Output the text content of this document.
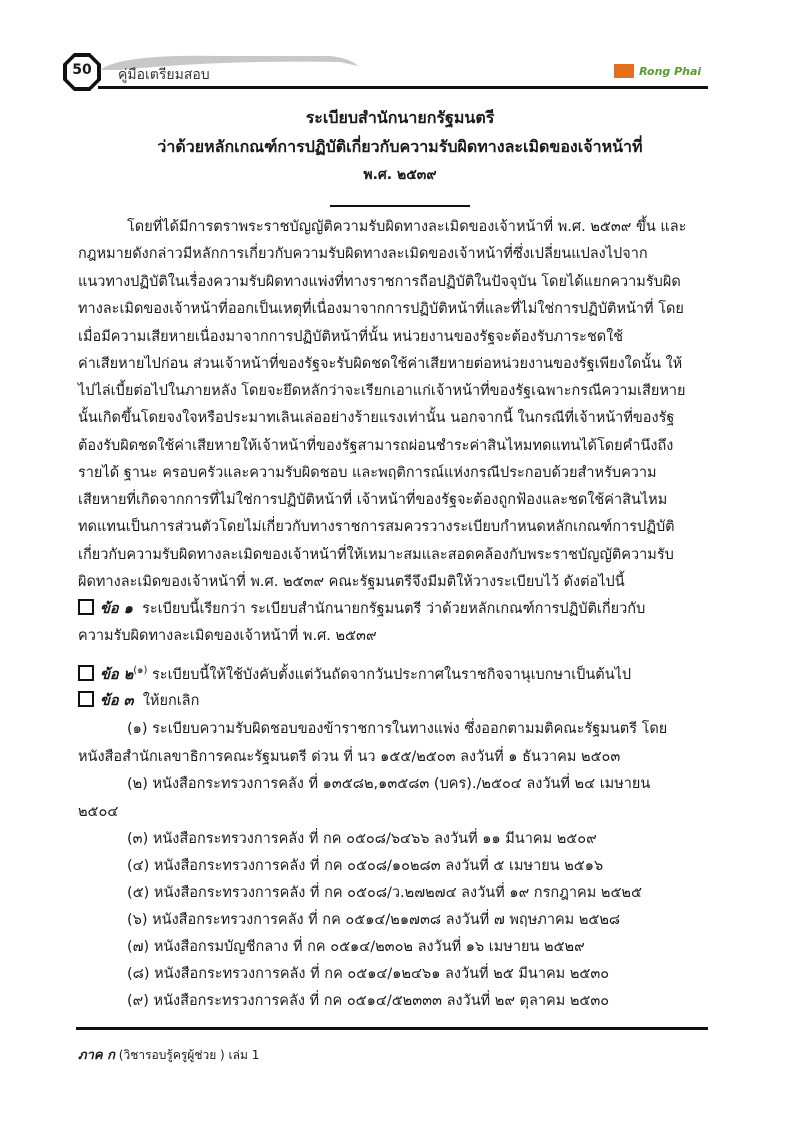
50	คู่มือเตรียมสอบ	Rong Phai
ระเบียบสำนักนายกรัฐมนตรี
ว่าด้วยหลักเกณฑ์การปฏิบัติเกี่ยวกับความรับผิดทางละเมิดของเจ้าหน้าที่
พ.ศ. ๒๕๓๙
โดยที่ได้มีการตราพระราชบัญญัติความรับผิดทางละเมิดของเจ้าหน้าที่ พ.ศ. ๒๕๓๙ ขึ้น และ
กฎหมายดังกล่าวมีหลักการเกี่ยวกับความรับผิดทางละเมิดของเจ้าหน้าที่ซึ่งเปลี่ยนแปลงไปจาก
แนวทางปฏิบัติในเรื่องความรับผิดทางแพ่งที่ทางราชการถือปฏิบัติในปัจจุบัน โดยได้แยกความรับผิด
ทางละเมิดของเจ้าหน้าที่ออกเป็นเหตุที่เนื่องมาจากการปฏิบัติหน้าที่และที่ไม่ใช่การปฏิบัติหน้าที่ โดย
เมื่อมีความเสียหายเนื่องมาจากการปฏิบัติหน้าที่นั้น หน่วยงานของรัฐจะต้องรับภาระชดใช้
ค่าเสียหายไปก่อน ส่วนเจ้าหน้าที่ของรัฐจะรับผิดชดใช้ค่าเสียหายต่อหน่วยงานของรัฐเพียงใดนั้น ให้
ไปไล่เบี้ยต่อไปในภายหลัง โดยจะยึดหลักว่าจะเรียกเอาแก่เจ้าหน้าที่ของรัฐเฉพาะกรณีความเสียหาย
นั้นเกิดขึ้นโดยจงใจหรือประมาทเลินเล่ออย่างร้ายแรงเท่านั้น นอกจากนี้ ในกรณีที่เจ้าหน้าที่ของรัฐ
ต้องรับผิดชดใช้ค่าเสียหายให้เจ้าหน้าที่ของรัฐสามารถผ่อนชำระค่าสินไหมทดแทนได้โดยคำนึงถึง
รายได้ ฐานะ ครอบครัวและความรับผิดชอบ และพฤติการณ์แห่งกรณีประกอบด้วยสำหรับความ
เสียหายที่เกิดจากการที่ไม่ใช่การปฏิบัติหน้าที่ เจ้าหน้าที่ของรัฐจะต้องถูกฟ้องและชดใช้ค่าสินไหม
ทดแทนเป็นการส่วนตัวโดยไม่เกี่ยวกับทางราชการสมควรวางระเบียบกำหนดหลักเกณฑ์การปฏิบัติ
เกี่ยวกับความรับผิดทางละเมิดของเจ้าหน้าที่ให้เหมาะสมและสอดคล้องกับพระราชบัญญัติความรับ
ผิดทางละเมิดของเจ้าหน้าที่ พ.ศ. ๒๕๓๙ คณะรัฐมนตรีจึงมีมติให้วางระเบียบไว้ ดังต่อไปนี้
ข้อ ๑ ระเบียบนี้เรียกว่า ระเบียบสำนักนายกรัฐมนตรี ว่าด้วยหลักเกณฑ์การปฏิบัติเกี่ยวกับ
ความรับผิดทางละเมิดของเจ้าหน้าที่ พ.ศ. ๒๕๓๙
ข้อ ๒$^{(๑)}$ ระเบียบนี้ให้ใช้บังคับตั้งแต่วันถัดจากวันประกาศในราชกิจจานุเบกษาเป็นต้นไป
ข้อ ๓ ให้ยกเลิก
(๑) ระเบียบความรับผิดชอบของข้าราชการในทางแพ่ง ซึ่งออกตามมติคณะรัฐมนตรี โดย
หนังสือสำนักเลขาธิการคณะรัฐมนตรี ด่วน ที่ นว ๑๕๕/๒๕๐๓ ลงวันที่ ๑ ธันวาคม ๒๕๐๓
(๒) หนังสือกระทรวงการคลัง ที่ ๑๓๕๘๒,๑๓๕๘๓ (บคร)./๒๕๐๔ ลงวันที่ ๒๔ เมษายน
๒๕๐๔
(๓) หนังสือกระทรวงการคลัง ที่ กค ๐๕๐๘/๖๔๖๖ ลงวันที่ ๑๑ มีนาคม ๒๕๐๙
(๔) หนังสือกระทรวงการคลัง ที่ กค ๐๕๐๘/๑๐๒๘๓ ลงวันที่ ๕ เมษายน ๒๕๑๖
(๕) หนังสือกระทรวงการคลัง ที่ กค ๐๕๐๘/ว.๒๗๒๗๔ ลงวันที่ ๑๙ กรกฎาคม ๒๕๒๕
(๖) หนังสือกระทรวงการคลัง ที่ กค ๐๕๑๔/๒๑๗๓๘ ลงวันที่ ๗ พฤษภาคม ๒๕๒๘
(๗) หนังสือกรมบัญชีกลาง ที่ กค ๐๕๑๔/๒๓๐๒ ลงวันที่ ๑๖ เมษายน ๒๕๒๙
(๘) หนังสือกระทรวงการคลัง ที่ กค ๐๕๑๔/๑๒๔๖๑ ลงวันที่ ๒๕ มีนาคม ๒๕๓๐
(๙) หนังสือกระทรวงการคลัง ที่ กค ๐๕๑๔/๕๒๓๓๓ ลงวันที่ ๒๙ ตุลาคม ๒๕๓๐
ภาค ก (วิชารอบรู้ครูผู้ช่วย ) เล่ม 1
